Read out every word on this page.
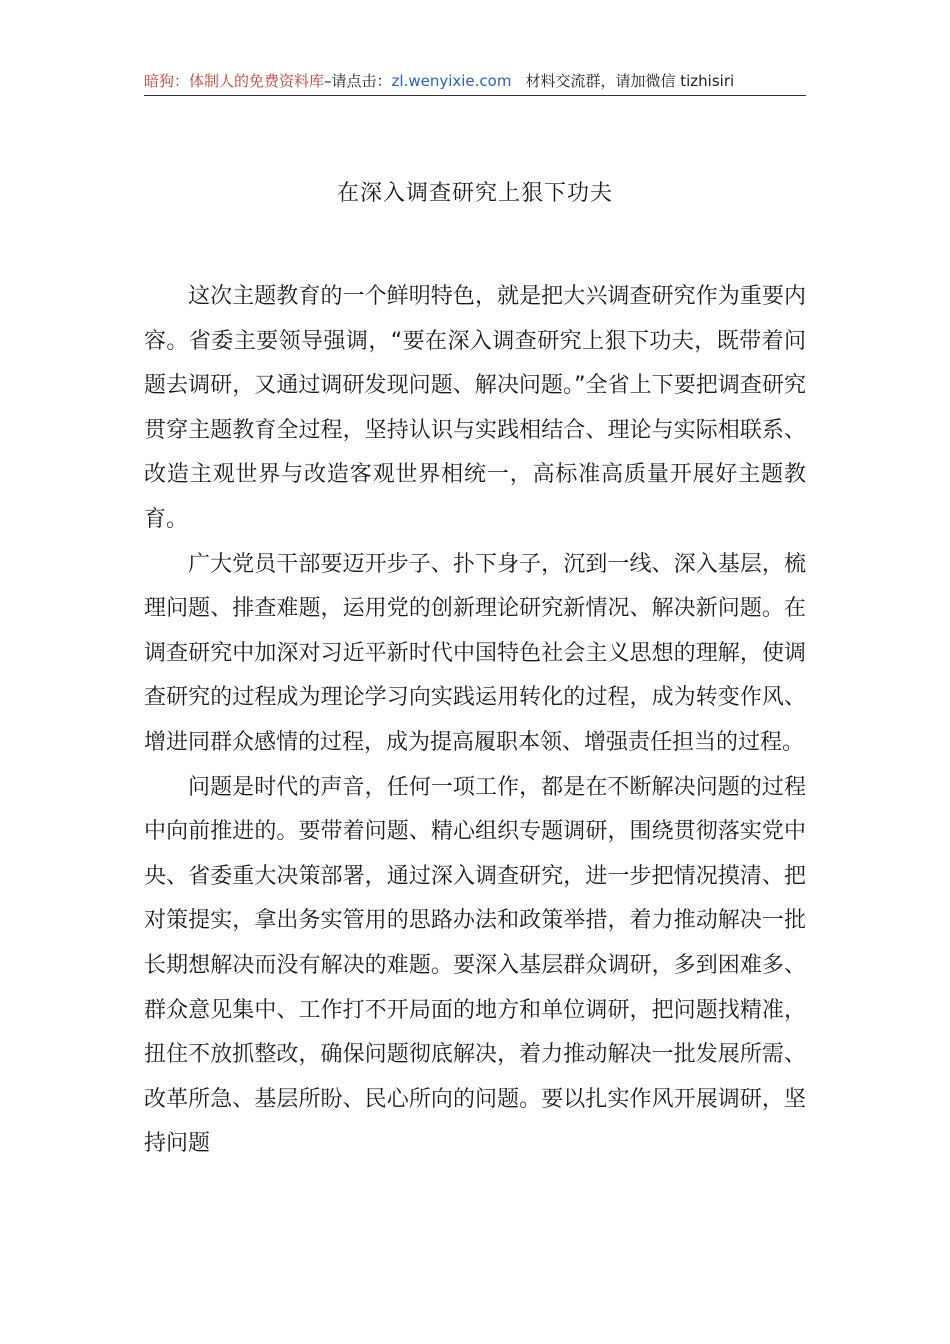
暗狗：体制人的免费资料库–请点击：zl.wenyixie.com 材料交流群，请加微信 tizhisiri
在深入调查研究上狠下功夫

这次主题教育的一个鲜明特色，就是把大兴调查研究作为重要内容。省委主要领导强调，“要在深入调查研究上狠下功夫，既带着问题去调研，又通过调研发现问题、解决问题。”全省上下要把调查研究贯穿主题教育全过程，坚持认识与实践相结合、理论与实际相联系、改造主观世界与改造客观世界相统一，高标准高质量开展好主题教育。

广大党员干部要迈开步子、扑下身子，沉到一线、深入基层，梳理问题、排查难题，运用党的创新理论研究新情况、解决新问题。在调查研究中加深对习近平新时代中国特色社会主义思想的理解，使调查研究的过程成为理论学习向实践运用转化的过程，成为转变作风、增进同群众感情的过程，成为提高履职本领、增强责任担当的过程。

问题是时代的声音，任何一项工作，都是在不断解决问题的过程中向前推进的。要带着问题、精心组织专题调研，围绕贯彻落实党中央、省委重大决策部署，通过深入调查研究，进一步把情况摸清、把对策提实，拿出务实管用的思路办法和政策举措，着力推动解决一批长期想解决而没有解决的难题。要深入基层群众调研，多到困难多、群众意见集中、工作打不开局面的地方和单位调研，把问题找精准，扭住不放抓整改，确保问题彻底解决，着力推动解决一批发展所需、改革所急、基层所盼、民心所向的问题。要以扎实作风开展调研，坚持问题
